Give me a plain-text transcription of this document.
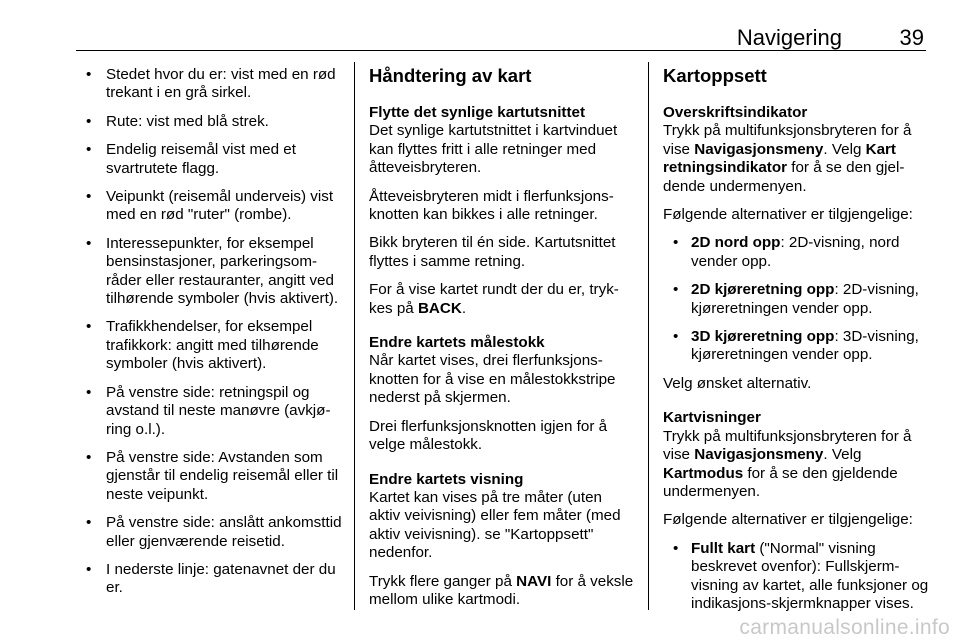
Navigering	39
• Stedet hvor du er: vist med en rød trekant i en grå sirkel.
• Rute: vist med blå strek.
• Endelig reisemål vist med et svartrutete flagg.
• Veipunkt (reisemål underveis) vist med en rød "ruter" (rombe).
• Interessepunkter, for eksempel bensinstasjoner, parkeringsområder eller restauranter, angitt ved tilhørende symboler (hvis aktivert).
• Trafikkhendelser, for eksempel trafikkork: angitt med tilhørende symboler (hvis aktivert).
• På venstre side: retningspil og avstand til neste manøvre (avkjøring o.l.).
• På venstre side: Avstanden som gjenstår til endelig reisemål eller til neste veipunkt.
• På venstre side: anslått ankomsttid eller gjenværende reisetid.
• I nederste linje: gatenavnet der du er.
Håndtering av kart
Flytte det synlige kartutsnittet

Det synlige kartutstnittet i kartvinduet kan flyttes fritt i alle retninger med åtteveisbryteren.

Åtteveisbryteren midt i flerfunksjonsknotten kan bikkes i alle retninger.

Bikk bryteren til én side. Kartutsnittet flyttes i samme retning.

For å vise kartet rundt der du er, trykkes på BACK.

Endre kartets målestokk

Når kartet vises, drei flerfunksjonsknotten for å vise en målestokkstripe nederst på skjermen.

Drei flerfunksjonsknotten igjen for å velge målestokk.

Endre kartets visning

Kartet kan vises på tre måter (uten aktiv veivisning) eller fem måter (med aktiv veivisning). se "Kartoppsett" nedenfor.

Trykk flere ganger på NAVI for å veksle mellom ulike kartmodi.

Kartoppsett
Overskriftsindikator

Trykk på multifunksjonsbryteren for å vise Navigasjonsmeny. Velg Kart retningsindikator for å se den gjeldende undermenyen.

Følgende alternativer er tilgjengelige:

• 2D nord opp: 2D-visning, nord vender opp.
• 2D kjøreretning opp: 2D-visning, kjøreretningen vender opp.
• 3D kjøreretning opp: 3D-visning, kjøreretningen vender opp.

Velg ønsket alternativ.

Kartvisninger

Trykk på multifunksjonsbryteren for å vise Navigasjonsmeny. Velg Kartmodus for å se den gjeldende undermenyen.

Følgende alternativer er tilgjengelige:

• Fullt kart ("Normal" visning beskrevet ovenfor): Fullskjermvisning av kartet, alle funksjoner og indikasjons-skjermknapper vises.
carmanualsonline.info
